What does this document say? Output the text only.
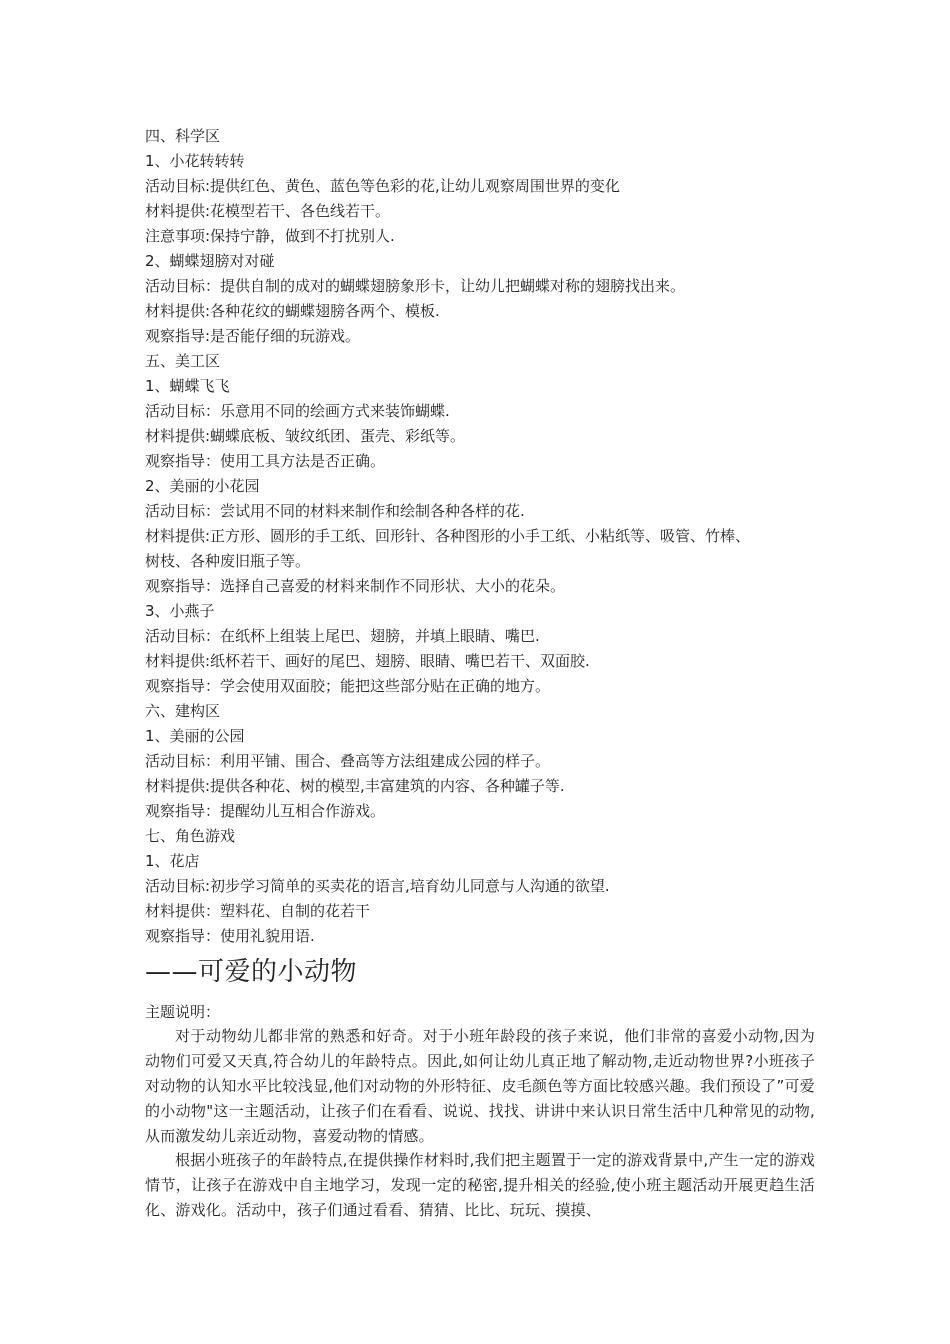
四、科学区
1、小花转转转
活动目标:提供红色、黄色、蓝色等色彩的花,让幼儿观察周围世界的变化
材料提供:花模型若干、各色线若干。
注意事项:保持宁静，做到不打扰别人.
2、蝴蝶翅膀对对碰
活动目标：提供自制的成对的蝴蝶翅膀象形卡，让幼儿把蝴蝶对称的翅膀找出来。
材料提供:各种花纹的蝴蝶翅膀各两个、模板.
观察指导:是否能仔细的玩游戏。
五、美工区
1、蝴蝶飞飞
活动目标：乐意用不同的绘画方式来装饰蝴蝶.
材料提供:蝴蝶底板、皱纹纸团、蛋壳、彩纸等。
观察指导：使用工具方法是否正确。
2、美丽的小花园
活动目标：尝试用不同的材料来制作和绘制各种各样的花.
材料提供:正方形、圆形的手工纸、回形针、各种图形的小手工纸、小粘纸等、吸管、竹棒、
树枝、各种废旧瓶子等。
观察指导：选择自己喜爱的材料来制作不同形状、大小的花朵。
3、小燕子
活动目标：在纸杯上组装上尾巴、翅膀，并填上眼睛、嘴巴.
材料提供:纸杯若干、画好的尾巴、翅膀、眼睛、嘴巴若干、双面胶.
观察指导：学会使用双面胶；能把这些部分贴在正确的地方。
六、建构区
1、美丽的公园
活动目标：利用平铺、围合、叠高等方法组建成公园的样子。
材料提供:提供各种花、树的模型,丰富建筑的内容、各种罐子等.
观察指导：提醒幼儿互相合作游戏。
七、角色游戏
1、花店
活动目标:初步学习简单的买卖花的语言,培育幼儿同意与人沟通的欲望.
材料提供：塑料花、自制的花若干
观察指导：使用礼貌用语.
——可爱的小动物
主题说明：
对于动物幼儿都非常的熟悉和好奇。对于小班年龄段的孩子来说，他们非常的喜爱小动物,因为动物们可爱又天真,符合幼儿的年龄特点。因此,如何让幼儿真正地了解动物,走近动物世界?小班孩子对动物的认知水平比较浅显,他们对动物的外形特征、皮毛颜色等方面比较感兴趣。我们预设了”可爱的小动物"这一主题活动，让孩子们在看看、说说、找找、讲讲中来认识日常生活中几种常见的动物,从而激发幼儿亲近动物，喜爱动物的情感。
根据小班孩子的年龄特点,在提供操作材料时,我们把主题置于一定的游戏背景中,产生一定的游戏情节，让孩子在游戏中自主地学习，发现一定的秘密,提升相关的经验,使小班主题活动开展更趋生活化、游戏化。活动中，孩子们通过看看、猜猜、比比、玩玩、摸摸、
